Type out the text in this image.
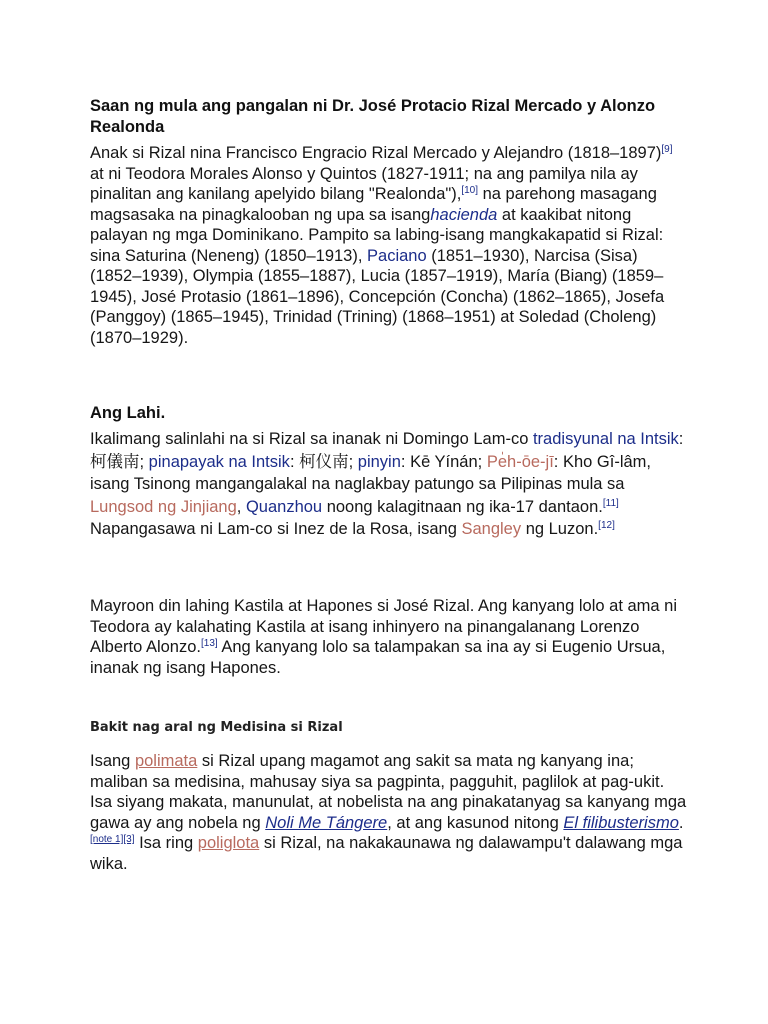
Saan ng mula ang pangalan ni Dr. José Protacio Rizal Mercado y Alonzo Realonda

Anak si Rizal nina Francisco Engracio Rizal Mercado y Alejandro (1818–1897)[9] at ni Teodora Morales Alonso y Quintos (1827-1911; na ang pamilya nila ay pinalitan ang kanilang apelyido bilang "Realonda"),[10] na parehong masagang magsasaka na pinagkalooban ng upa sa isanghacienda at kaakibat nitong palayan ng mga Dominikano. Pampito sa labing-isang mangkakapatid si Rizal: sina Saturina (Neneng) (1850–1913), Paciano (1851–1930), Narcisa (Sisa) (1852–1939), Olympia (1855–1887), Lucia (1857–1919), María (Biang) (1859–1945), José Protasio (1861–1896), Concepción (Concha) (1862–1865), Josefa (Panggoy) (1865–1945), Trinidad (Trining) (1868–1951) at Soledad (Choleng) (1870–1929).

Ang Lahi.

Ikalimang salinlahi na si Rizal sa inanak ni Domingo Lam-co tradisyunal na Intsik: 柯儀南; pinapayak na Intsik: 柯仪南; pinyin: Kē Yínán; Pe̍h-ōe-jī: Kho Gî-lâm, isang Tsinong mangangalakal na naglakbay patungo sa Pilipinas mula sa Lungsod ng Jinjiang, Quanzhou noong kalagitnaan ng ika-17 dantaon.[11] Napangasawa ni Lam-co si Inez de la Rosa, isang Sangley ng Luzon.[12]

Mayroon din lahing Kastila at Hapones si José Rizal. Ang kanyang lolo at ama ni Teodora ay kalahating Kastila at isang inhinyero na pinangalanang Lorenzo Alberto Alonzo.[13] Ang kanyang lolo sa talampakan sa ina ay si Eugenio Ursua, inanak ng isang Hapones.

Bakit nag aral ng Medisina si Rizal

Isang polimata si Rizal upang magamot ang sakit sa mata ng kanyang ina; maliban sa medisina, mahusay siya sa pagpinta, pagguhit, paglilok at pag-ukit. Isa siyang makata, manunulat, at nobelista na ang pinakatanyag sa kanyang mga gawa ay ang nobela ng Noli Me Tángere, at ang kasunod nitong El filibusterismo.[note 1][3] Isa ring poliglota si Rizal, na nakakaunawa ng dalawampu't dalawang mga wika.
